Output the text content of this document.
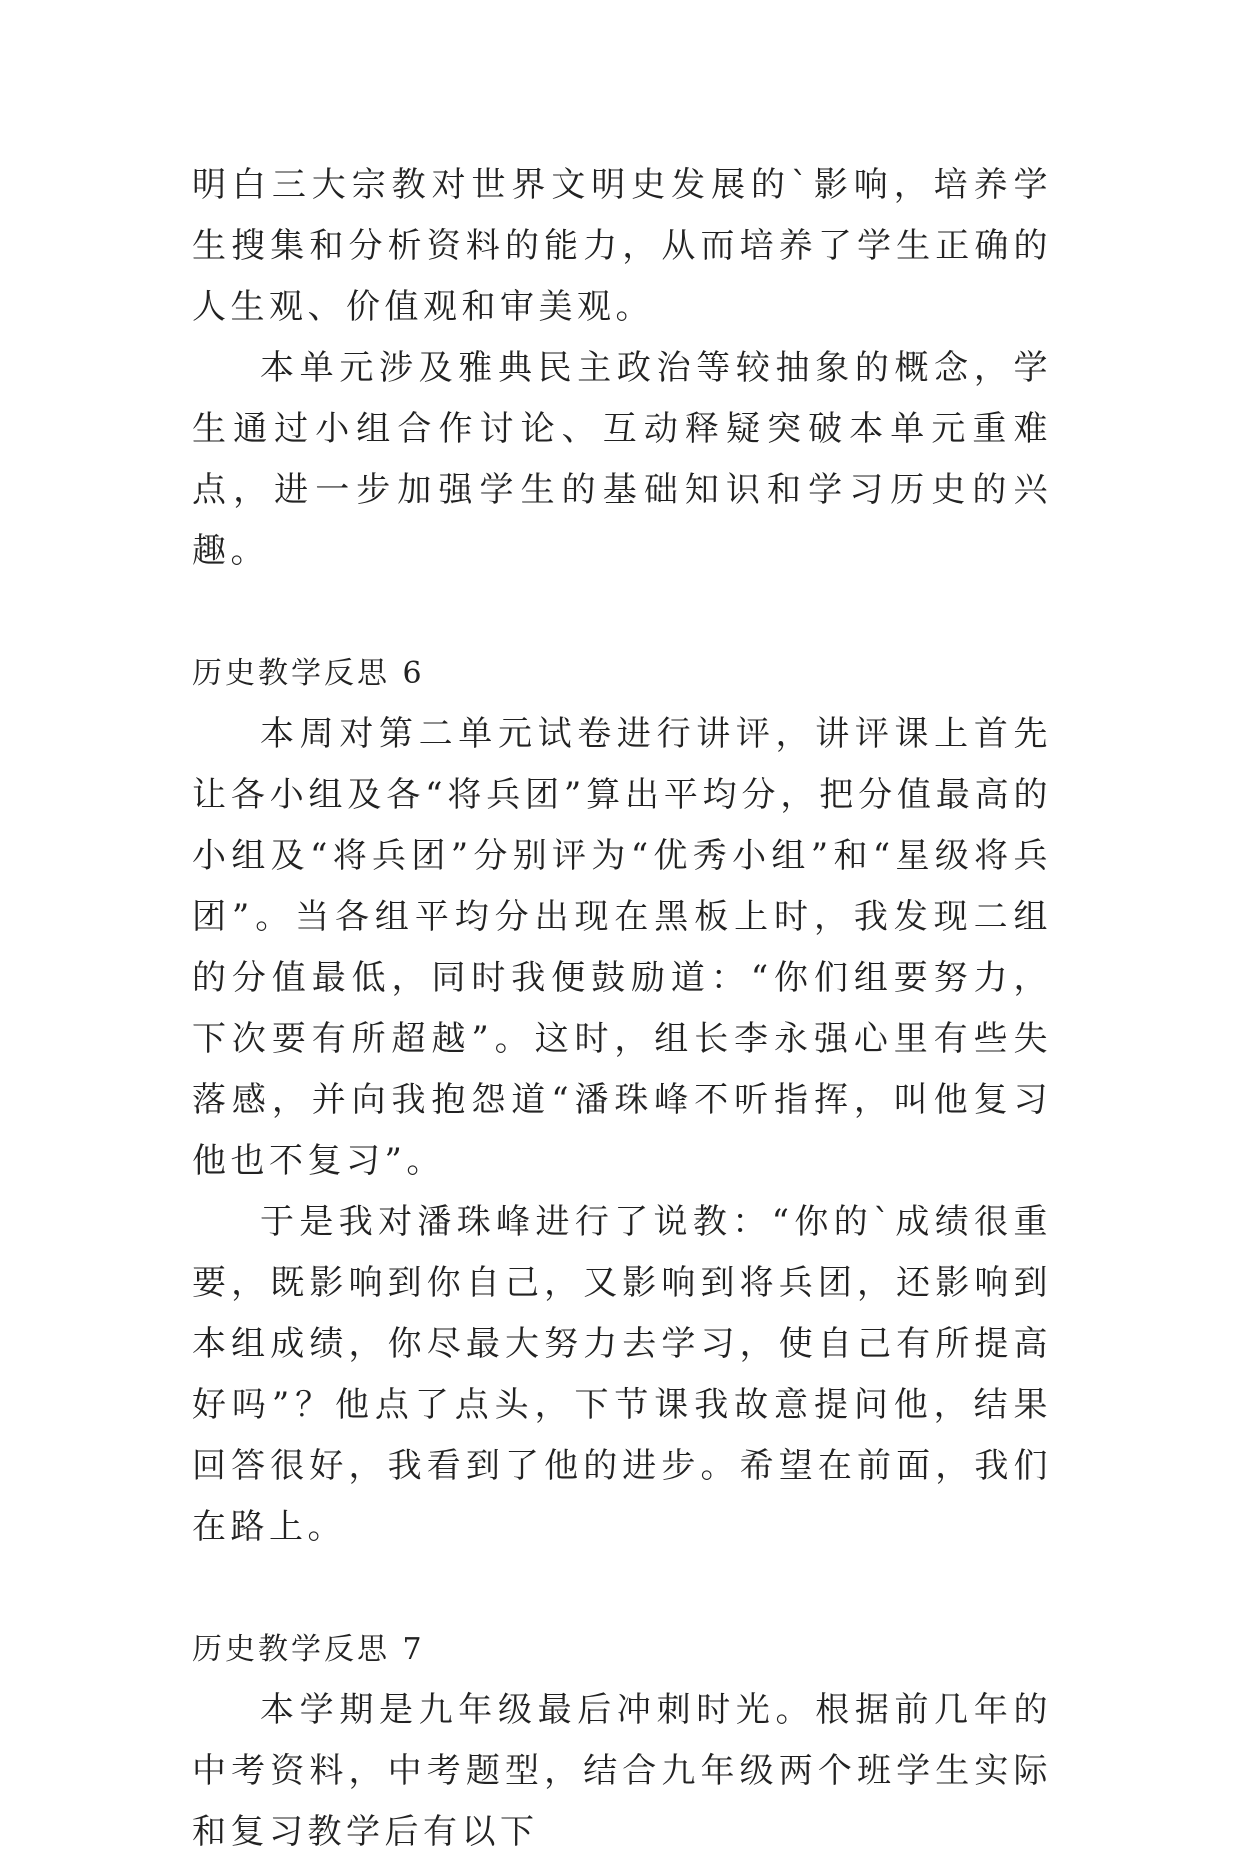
明白三大宗教对世界文明史发展的`影响，培养学生搜集和分析资料的能力，从而培养了学生正确的人生观、价值观和审美观。

本单元涉及雅典民主政治等较抽象的概念，学生通过小组合作讨论、互动释疑突破本单元重难点，进一步加强学生的基础知识和学习历史的兴趣。

历史教学反思 6

本周对第二单元试卷进行讲评，讲评课上首先让各小组及各“将兵团”算出平均分，把分值最高的小组及“将兵团”分别评为“优秀小组”和“星级将兵团”。当各组平均分出现在黑板上时，我发现二组的分值最低，同时我便鼓励道：“你们组要努力，下次要有所超越”。这时，组长李永强心里有些失落感，并向我抱怨道“潘珠峰不听指挥，叫他复习他也不复习”。

于是我对潘珠峰进行了说教：“你的`成绩很重要，既影响到你自己，又影响到将兵团，还影响到本组成绩，你尽最大努力去学习，使自己有所提高好吗”？他点了点头，下节课我故意提问他，结果回答很好，我看到了他的进步。希望在前面，我们在路上。

历史教学反思 7

本学期是九年级最后冲刺时光。根据前几年的中考资料，中考题型，结合九年级两个班学生实际和复习教学后有以下
